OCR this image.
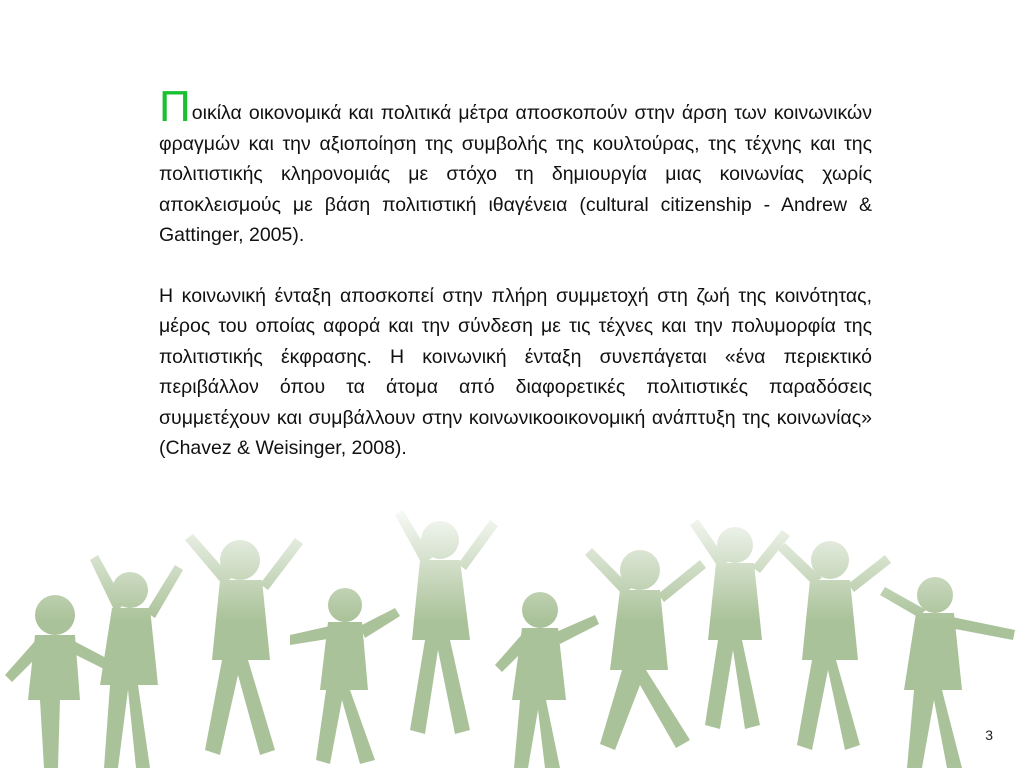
Ποικίλα οικονομικά και πολιτικά μέτρα αποσκοπούν στην άρση των κοινωνικών φραγμών και την αξιοποίηση της συμβολής της κουλτούρας, της τέχνης και της πολιτιστικής κληρονομιάς με στόχο τη δημιουργία μιας κοινωνίας χωρίς αποκλεισμούς με βάση πολιτιστική ιθαγένεια (cultural citizenship - Andrew & Gattinger, 2005).

Η κοινωνική ένταξη αποσκοπεί στην πλήρη συμμετοχή στη ζωή της κοινότητας, μέρος του οποίας αφορά και την σύνδεση με τις τέχνες και την πολυμορφία της πολιτιστικής έκφρασης. Η κοινωνική ένταξη συνεπάγεται «ένα περιεκτικό περιβάλλον όπου τα άτομα από διαφορετικές πολιτιστικές παραδόσεις συμμετέχουν και συμβάλλουν στην κοινωνικοοικονομική ανάπτυξη της κοινωνίας» (Chavez & Weisinger, 2008).

3
